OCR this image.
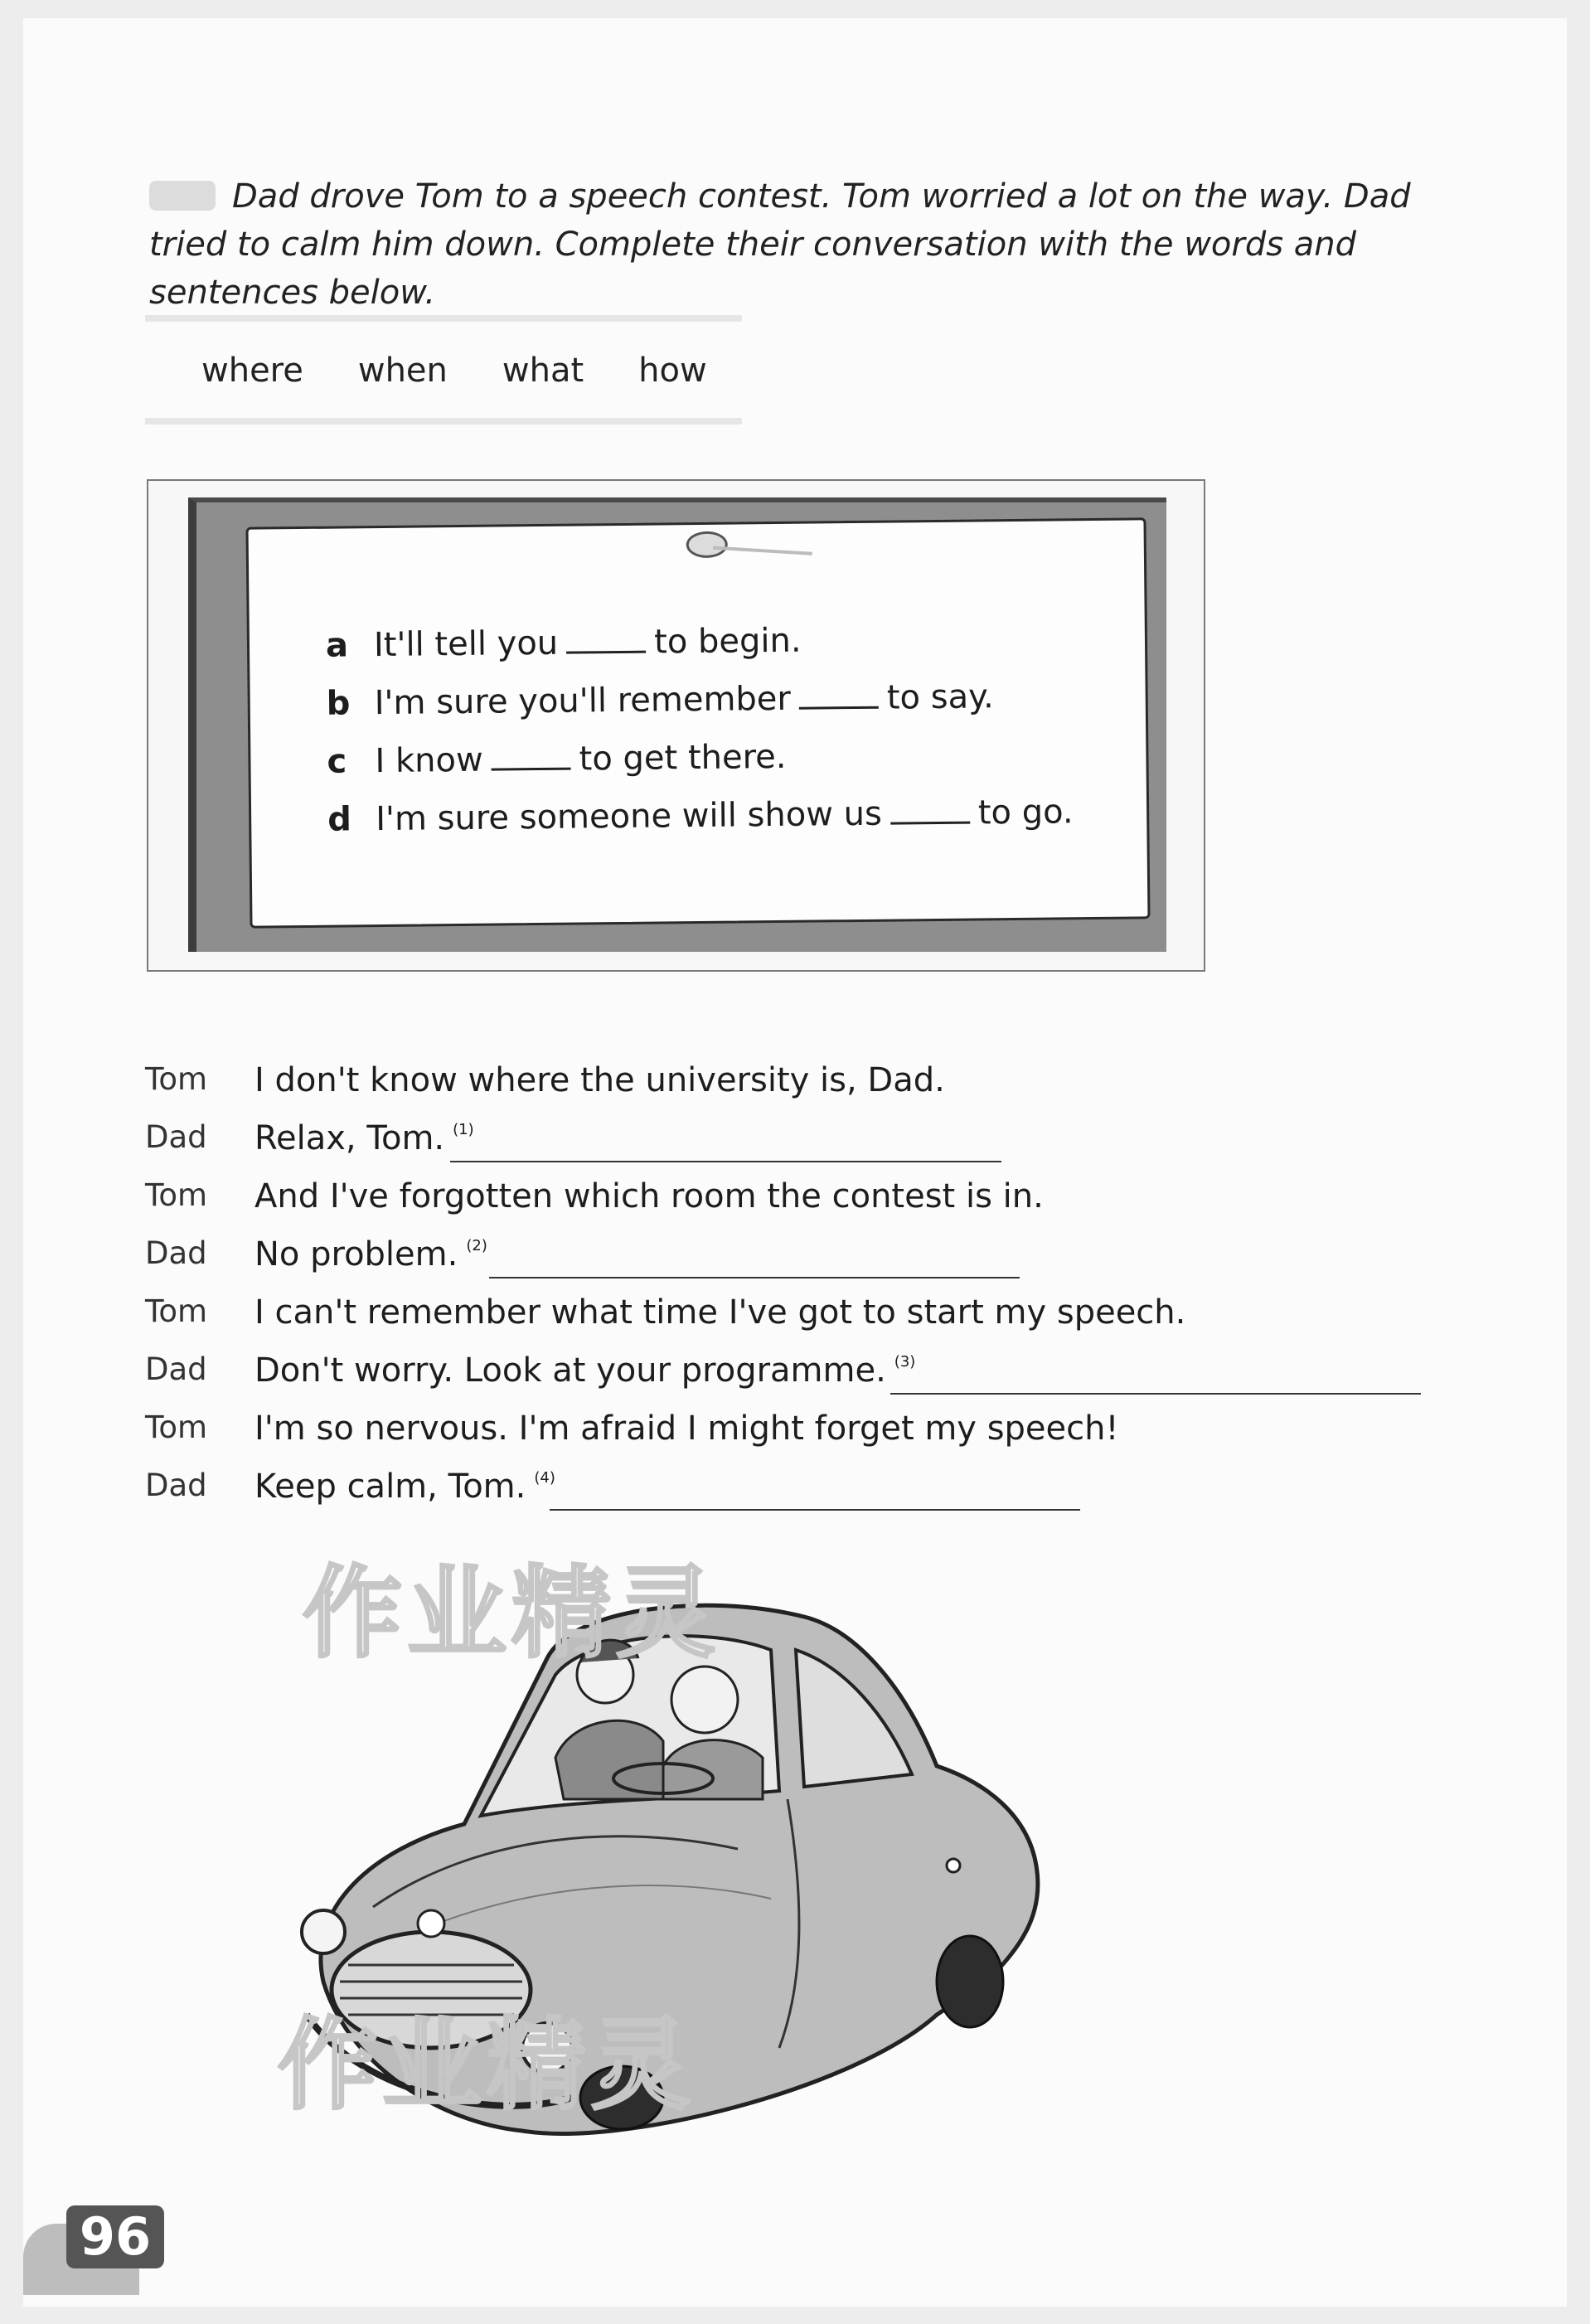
Dad drove Tom to a speech contest. Tom worried a lot on the way. Dad tried to calm him down. Complete their conversation with the words and sentences below.
where when what how
a It'll tell you	to begin.
b I'm sure you'll remember	to say.
c I know	to get there.
d I'm sure someone will show us	to go.
Tom I don't know where the university is, Dad.
Dad Relax, Tom. $^{(1)}$
Tom And I've forgotten which room the contest is in.
Dad No problem. $^{(2)}$
Tom I can't remember what time I've got to start my speech.
Dad Don't worry. Look at your programme. $^{(3)}$
Tom I'm so nervous. I'm afraid I might forget my speech!
Dad Keep calm, Tom. $^{(4)}$
作业精灵
作业精灵
96
